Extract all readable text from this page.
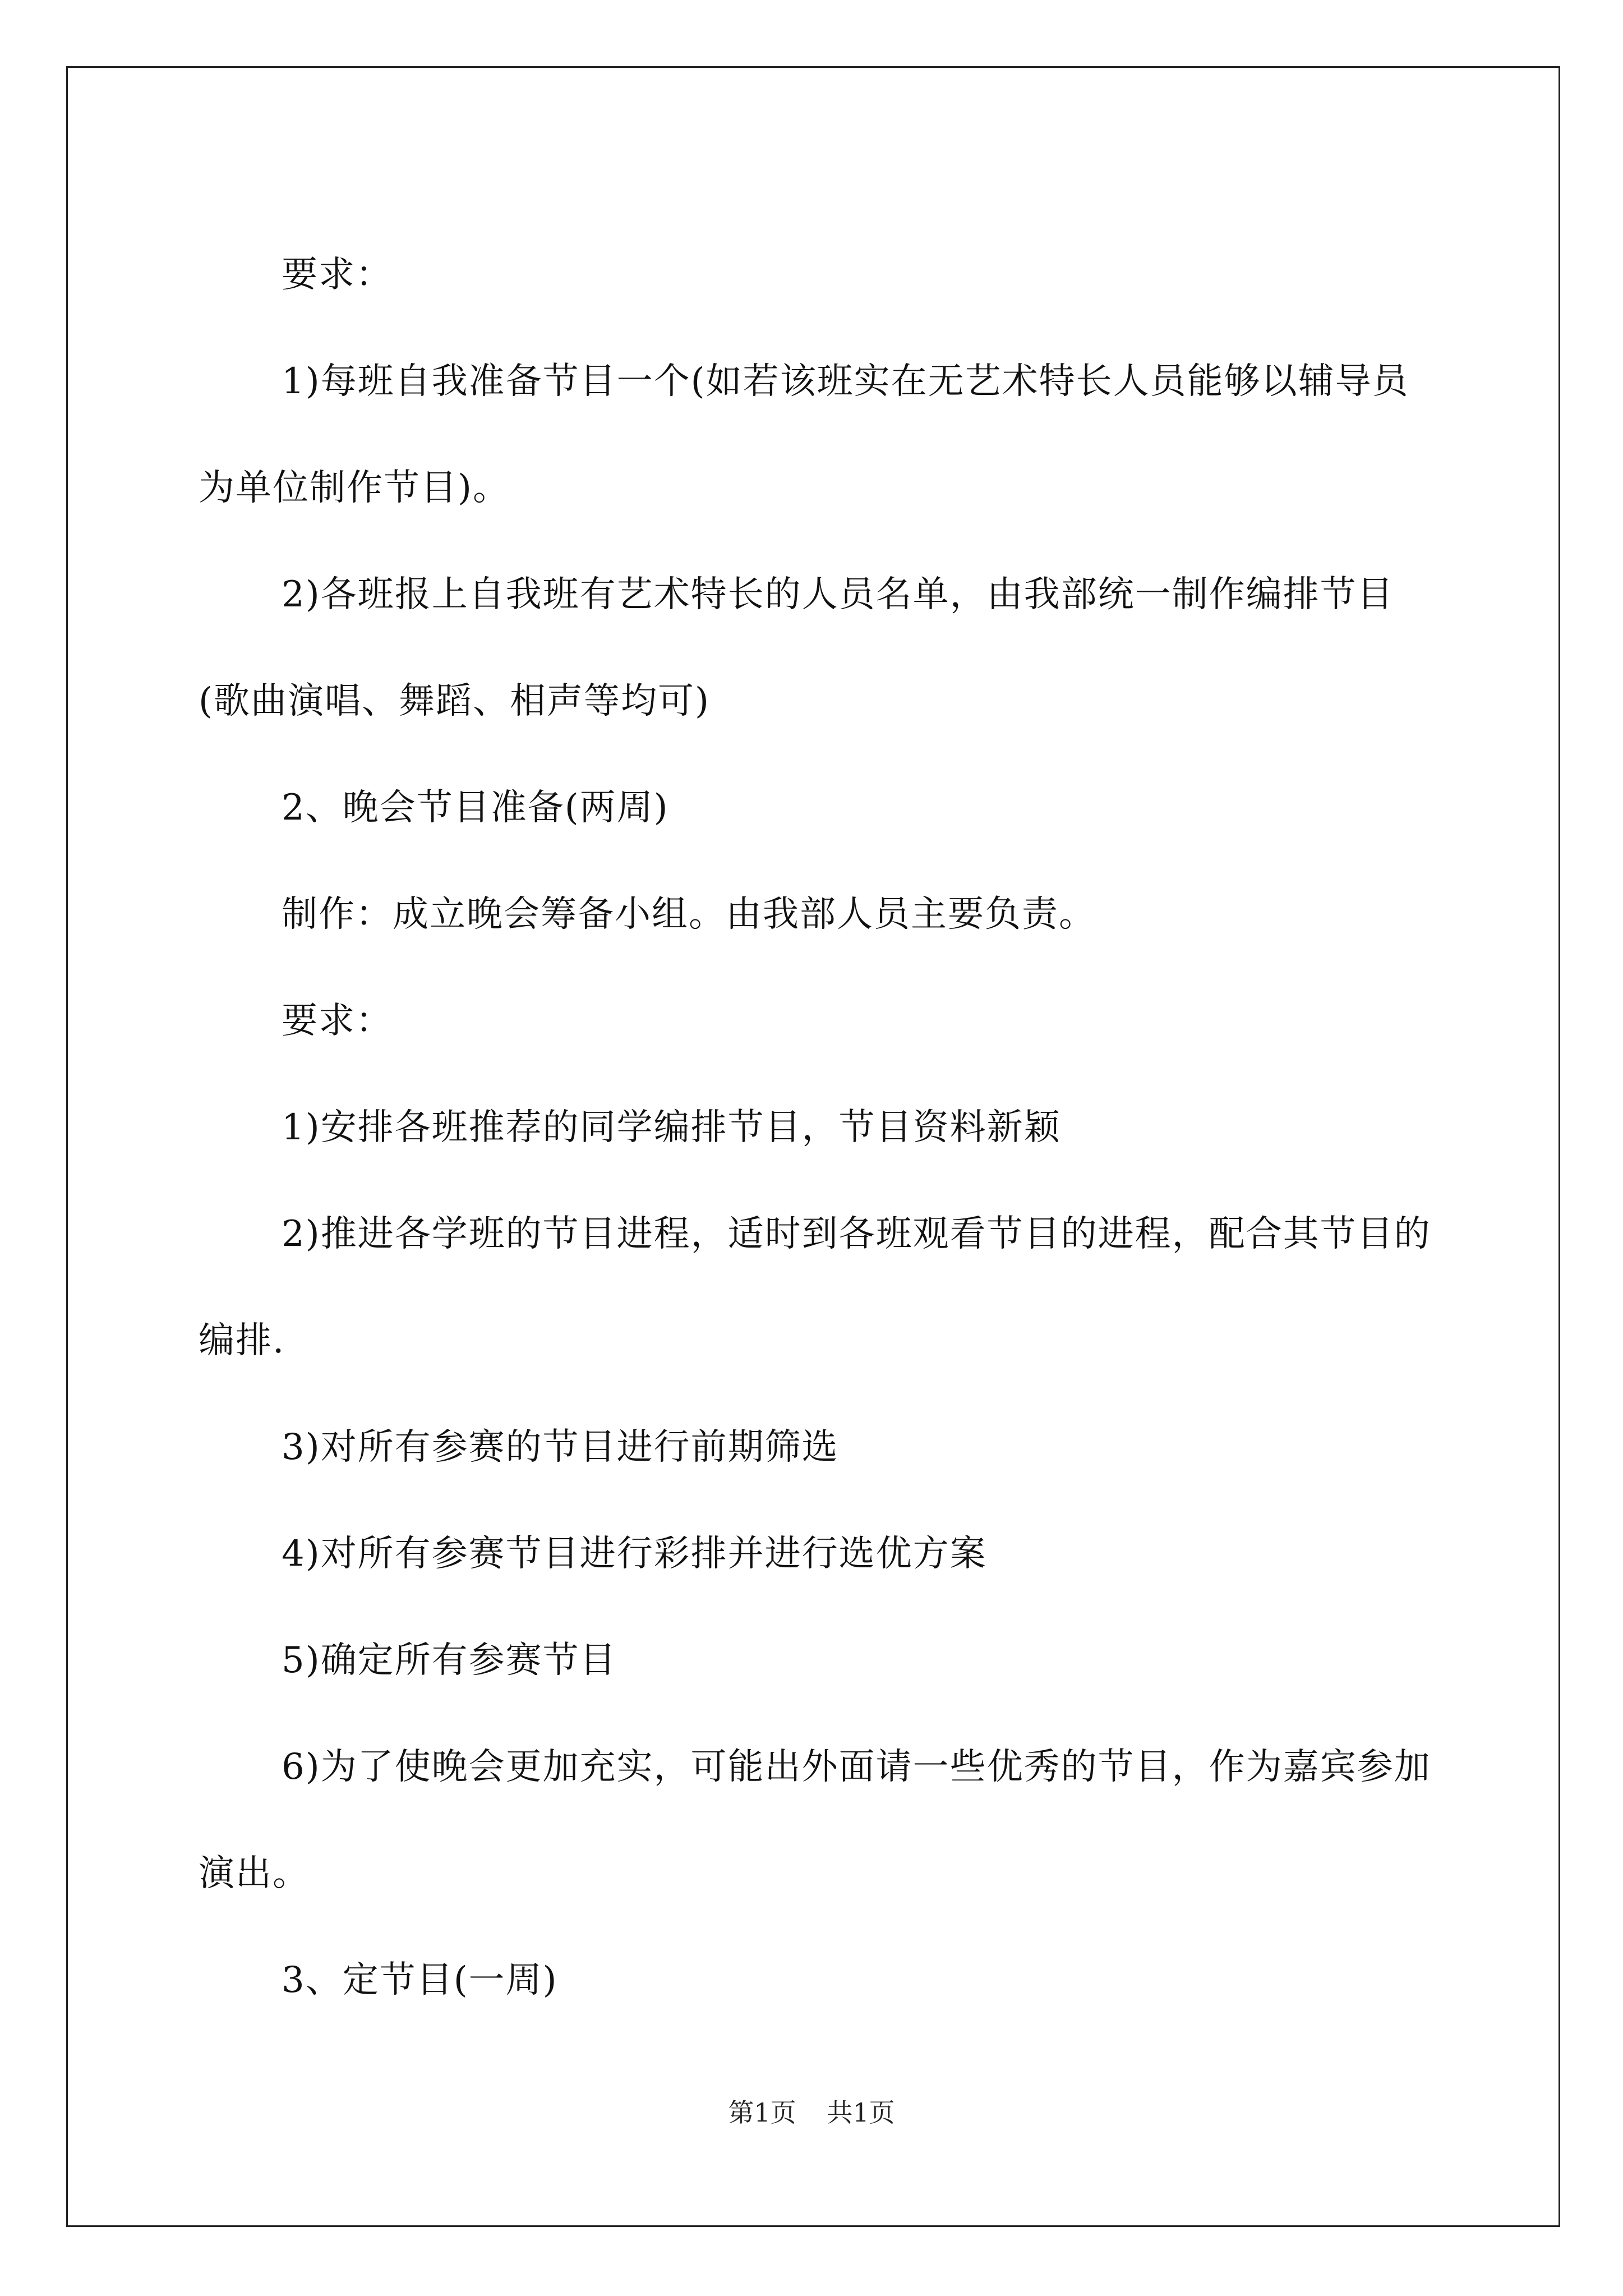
要求：

1)每班自我准备节目一个(如若该班实在无艺术特长人员能够以辅导员为单位制作节目)。

2)各班报上自我班有艺术特长的人员名单，由我部统一制作编排节目(歌曲演唱、舞蹈、相声等均可)

2、晚会节目准备(两周)

制作：成立晚会筹备小组。由我部人员主要负责。

要求：

1)安排各班推荐的同学编排节目，节目资料新颖

2)推进各学班的节目进程，适时到各班观看节目的进程，配合其节目的编排.

3)对所有参赛的节目进行前期筛选

4)对所有参赛节目进行彩排并进行选优方案

5)确定所有参赛节目

6)为了使晚会更加充实，可能出外面请一些优秀的节目，作为嘉宾参加演出。

3、定节目(一周)

第1页 共1页
